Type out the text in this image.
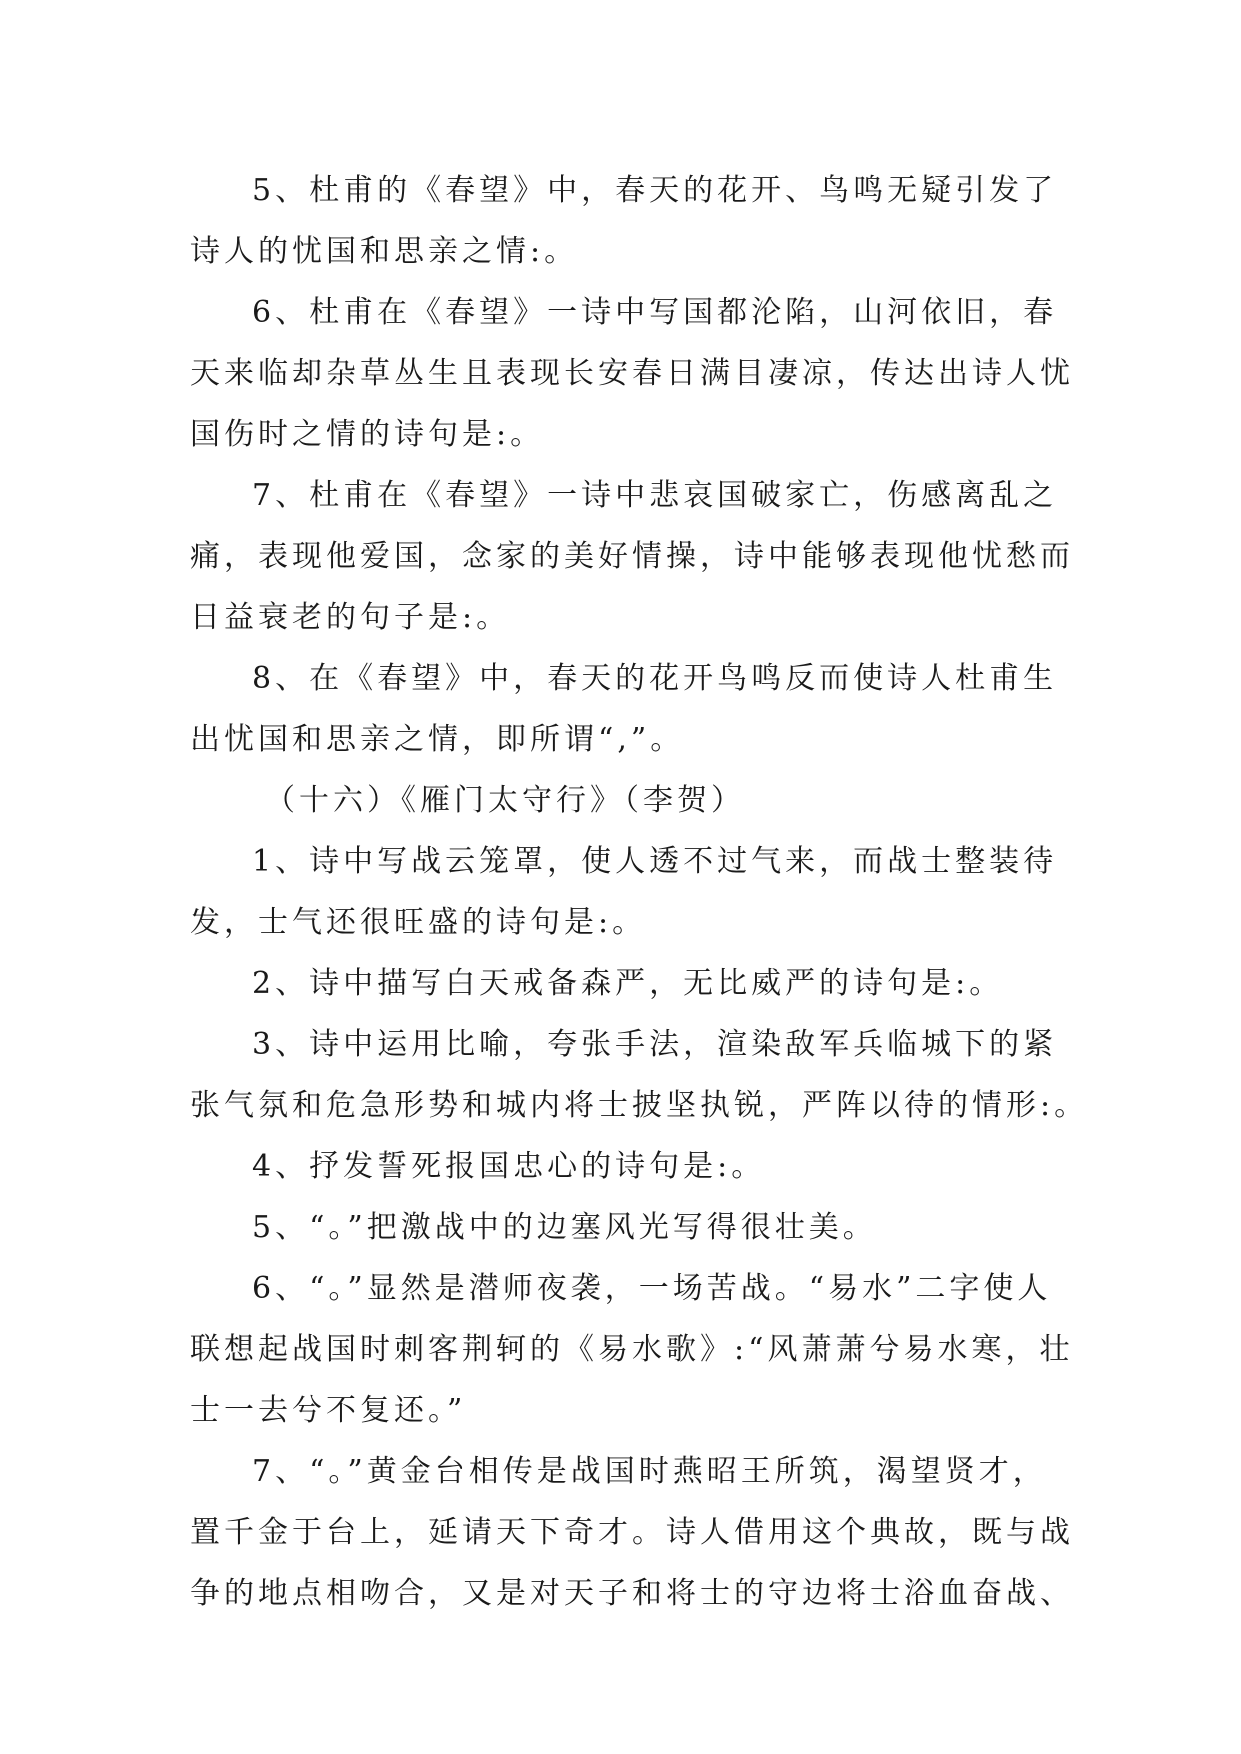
5、杜甫的《春望》中，春天的花开、鸟鸣无疑引发了
诗人的忧国和思亲之情:。
6、杜甫在《春望》一诗中写国都沦陷，山河依旧，春
天来临却杂草丛生且表现长安春日满目凄凉，传达出诗人忧
国伤时之情的诗句是:。
7、杜甫在《春望》一诗中悲哀国破家亡，伤感离乱之
痛，表现他爱国，念家的美好情操，诗中能够表现他忧愁而
日益衰老的句子是:。
8、在《春望》中，春天的花开鸟鸣反而使诗人杜甫生
出忧国和思亲之情，即所谓“,”。
（十六）《雁门太守行》（李贺）
1、诗中写战云笼罩，使人透不过气来，而战士整装待
发，士气还很旺盛的诗句是:。
2、诗中描写白天戒备森严，无比威严的诗句是:。
3、诗中运用比喻，夸张手法，渲染敌军兵临城下的紧
张气氛和危急形势和城内将士披坚执锐，严阵以待的情形:。
4、抒发誓死报国忠心的诗句是:。
5、“。”把激战中的边塞风光写得很壮美。
6、“。”显然是潜师夜袭，一场苦战。“易水”二字使人
联想起战国时刺客荆轲的《易水歌》:“风萧萧兮易水寒，壮
士一去兮不复还。”
7、“。”黄金台相传是战国时燕昭王所筑，渴望贤才，
置千金于台上，延请天下奇才。诗人借用这个典故，既与战
争的地点相吻合，又是对天子和将士的守边将士浴血奋战、
